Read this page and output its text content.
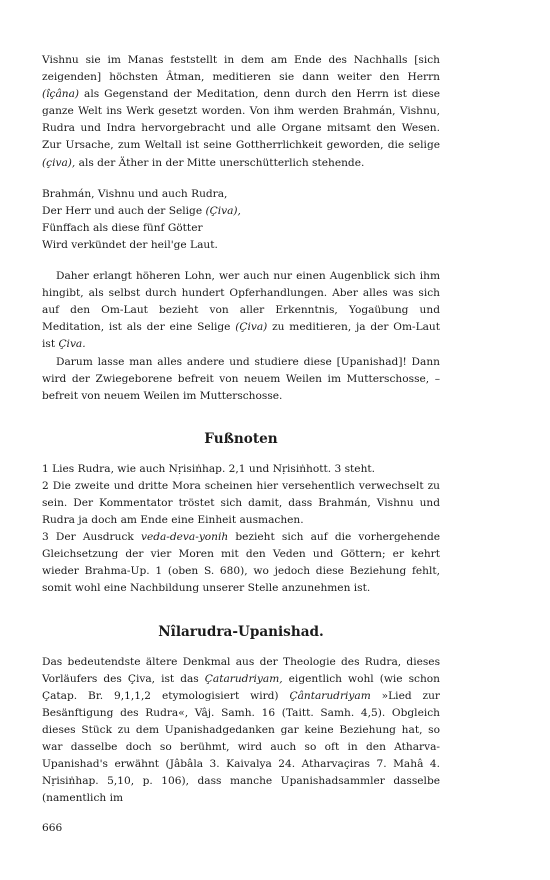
Vishnu sie im Manas feststellt in dem am Ende des Nachhalls [sich zeigenden] höchsten Âtman, meditieren sie dann weiter den Herrn (îçâna) als Gegenstand der Meditation, denn durch den Herrn ist diese ganze Welt ins Werk gesetzt worden. Von ihm werden Brahmán, Vishnu, Rudra und Indra hervorgebracht und alle Organe mitsamt den Wesen. Zur Ursache, zum Weltall ist seine Gottherrlichkeit geworden, die selige (çiva), als der Äther in der Mitte unerschütterlich stehende.

Brahmán, Vishnu und auch Rudra,

Der Herr und auch der Selige (Çiva),

Fünffach als diese fünf Götter

Wird verkündet der heil'ge Laut.

Daher erlangt höheren Lohn, wer auch nur einen Augenblick sich ihm hingibt, als selbst durch hundert Opferhandlungen. Aber alles was sich auf den Om-Laut bezieht von aller Erkenntnis, Yogaübung und Meditation, ist als der eine Selige (Çiva) zu meditieren, ja der Om-Laut ist Çiva.

Darum lasse man alles andere und studiere diese [Upanishad]! Dann wird der Zwiegeborene befreit von neuem Weilen im Mutterschosse, – befreit von neuem Weilen im Mutterschosse.

Fußnoten

1 Lies Rudra, wie auch Nṛisiṅhap. 2,1 und Nṛisiṅhott. 3 steht.

2 Die zweite und dritte Mora scheinen hier versehentlich verwechselt zu sein. Der Kommentator tröstet sich damit, dass Brahmán, Vishnu und Rudra ja doch am Ende eine Einheit ausmachen.

3 Der Ausdruck veda-deva-yonih bezieht sich auf die vorhergehende Gleichsetzung der vier Moren mit den Veden und Göttern; er kehrt wieder Brahma-Up. 1 (oben S. 680), wo jedoch diese Beziehung fehlt, somit wohl eine Nachbildung unserer Stelle anzunehmen ist.

Nîlarudra-Upanishad.

Das bedeutendste ältere Denkmal aus der Theologie des Rudra, dieses Vorläufers des Çiva, ist das Çatarudriyam, eigentlich wohl (wie schon Çatap. Br. 9,1,1,2 etymologisiert wird) Çântarudriyam »Lied zur Besänftigung des Rudra«, Vâj. Samh. 16 (Taitt. Samh. 4,5). Obgleich dieses Stück zu dem Upanishadgedanken gar keine Beziehung hat, so war dasselbe doch so berühmt, wird auch so oft in den Atharva-Upanishad's erwähnt (Jâbâla 3. Kaivalya 24. Atharvaçiras 7. Mahâ 4. Nṛisiṅhap. 5,10, p. 106), dass manche Upanishadsammler dasselbe (namentlich im

666
